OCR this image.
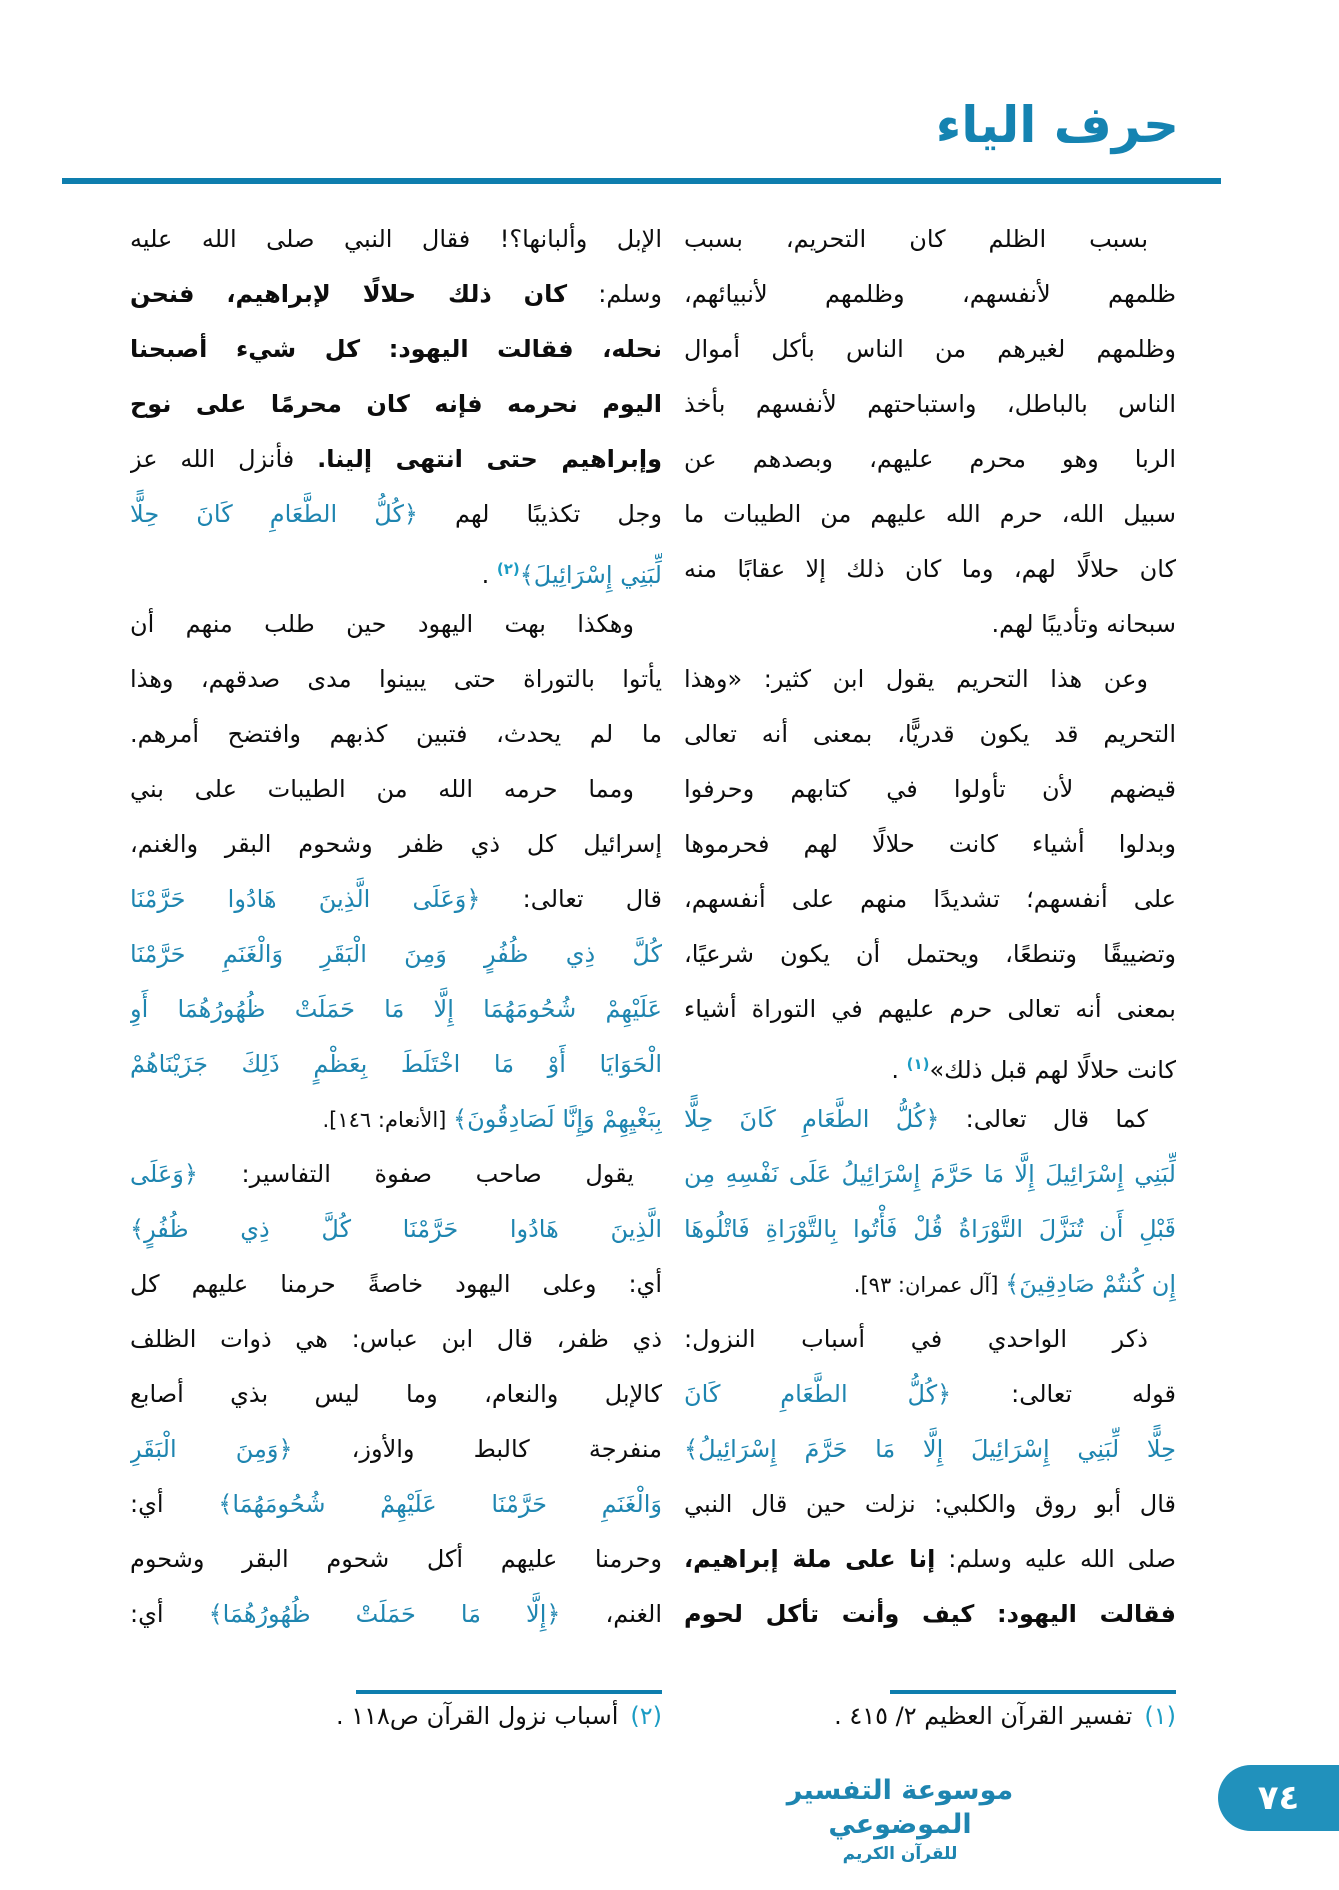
حرف الياء
بسبب الظلم كان التحريم، بسبب
ظلمهم لأنفسهم، وظلمهم لأنبيائهم،
وظلمهم لغيرهم من الناس بأكل أموال
الناس بالباطل، واستباحتهم لأنفسهم بأخذ
الربا وهو محرم عليهم، وبصدهم عن
سبيل الله، حرم الله عليهم من الطيبات ما
كان حلالًا لهم، وما كان ذلك إلا عقابًا منه
سبحانه وتأديبًا لهم.
وعن هذا التحريم يقول ابن كثير: «وهذا
التحريم قد يكون قدريًّا، بمعنى أنه تعالى
قيضهم لأن تأولوا في كتابهم وحرفوا
وبدلوا أشياء كانت حلالًا لهم فحرموها
على أنفسهم؛ تشديدًا منهم على أنفسهم،
وتضييقًا وتنطعًا، ويحتمل أن يكون شرعيًا،
بمعنى أنه تعالى حرم عليهم في التوراة أشياء
كانت حلالًا لهم قبل ذلك»$^{(١)}$ .
كما قال تعالى: ﴿كُلُّ الطَّعَامِ كَانَ حِلًّا
لِّبَنِي إِسْرَائِيلَ إِلَّا مَا حَرَّمَ إِسْرَائِيلُ عَلَى نَفْسِهِ مِن
قَبْلِ أَن تُنَزَّلَ التَّوْرَاةُ قُلْ فَأْتُوا بِالتَّوْرَاةِ فَاتْلُوهَا
إِن كُنتُمْ صَادِقِينَ﴾ [آل عمران: ٩٣].
ذكر الواحدي في أسباب النزول:
قوله تعالى: ﴿كُلُّ الطَّعَامِ كَانَ
حِلًّا لِّبَنِي إِسْرَائِيلَ إِلَّا مَا حَرَّمَ إِسْرَائِيلُ﴾
قال أبو روق والكلبي: نزلت حين قال النبي
صلى الله عليه وسلم: إنا على ملة إبراهيم،
فقالت اليهود: كيف وأنت تأكل لحوم
الإبل وألبانها؟! فقال النبي صلى الله عليه
وسلم: كان ذلك حلالًا لإبراهيم، فنحن
نحله، فقالت اليهود: كل شيء أصبحنا
اليوم نحرمه فإنه كان محرمًا على نوح
وإبراهيم حتى انتهى إلينا. فأنزل الله عز
وجل تكذيبًا لهم ﴿كُلُّ الطَّعَامِ كَانَ حِلًّا
لِّبَنِي إِسْرَائِيلَ﴾$^{(٢)}$ .
وهكذا بهت اليهود حين طلب منهم أن
يأتوا بالتوراة حتى يبينوا مدى صدقهم، وهذا
ما لم يحدث، فتبين كذبهم وافتضح أمرهم.
ومما حرمه الله من الطيبات على بني
إسرائيل كل ذي ظفر وشحوم البقر والغنم،
قال تعالى: ﴿وَعَلَى الَّذِينَ هَادُوا حَرَّمْنَا
كُلَّ ذِي ظُفُرٍ وَمِنَ الْبَقَرِ وَالْغَنَمِ حَرَّمْنَا
عَلَيْهِمْ شُحُومَهُمَا إِلَّا مَا حَمَلَتْ ظُهُورُهُمَا أَوِ
الْحَوَايَا أَوْ مَا اخْتَلَطَ بِعَظْمٍ ذَلِكَ جَزَيْنَاهُمْ
بِبَغْيِهِمْ وَإِنَّا لَصَادِقُونَ﴾ [الأنعام: ١٤٦].
يقول صاحب صفوة التفاسير: ﴿وَعَلَى
الَّذِينَ هَادُوا حَرَّمْنَا كُلَّ ذِي ظُفُرٍ﴾
أي: وعلى اليهود خاصةً حرمنا عليهم كل
ذي ظفر، قال ابن عباس: هي ذوات الظلف
كالإبل والنعام، وما ليس بذي أصابع
منفرجة كالبط والأوز، ﴿وَمِنَ الْبَقَرِ
وَالْغَنَمِ حَرَّمْنَا عَلَيْهِمْ شُحُومَهُمَا﴾ أي:
وحرمنا عليهم أكل شحوم البقر وشحوم
الغنم، ﴿إِلَّا مَا حَمَلَتْ ظُهُورُهُمَا﴾ أي:
(١)تفسير القرآن العظيم ٢/ ٤١٥ .
(٢)أسباب نزول القرآن ص١١٨ .
موسوعة التفسير الموضوعي
للقرآن الكريم
٧٤
